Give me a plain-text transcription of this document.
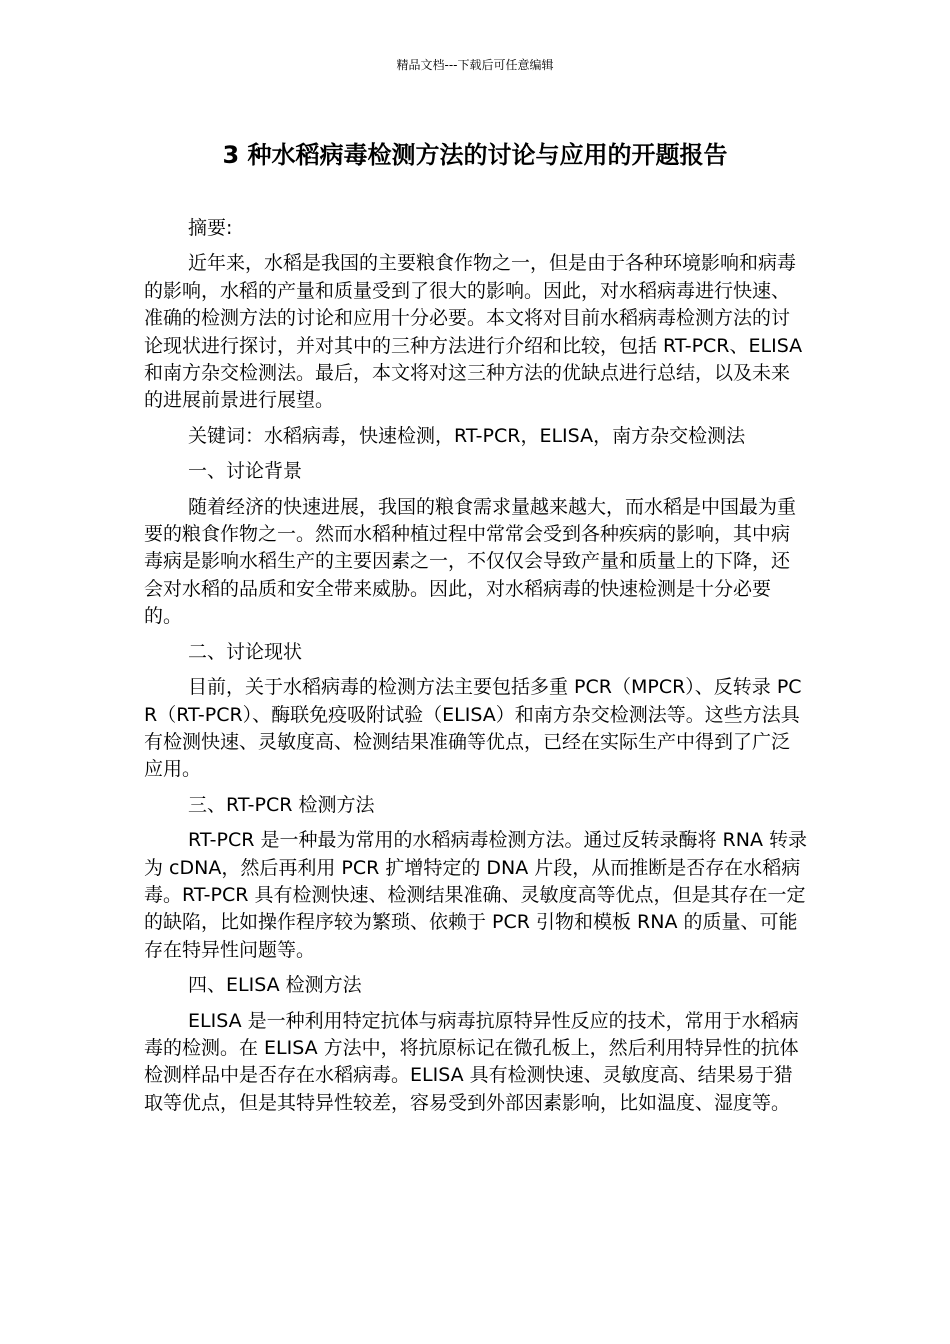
精品文档---下载后可任意编辑
3 种水稻病毒检测方法的讨论与应用的开题报告

摘要:

近年来，水稻是我国的主要粮食作物之一，但是由于各种环境影响和病毒的影响，水稻的产量和质量受到了很大的影响。因此，对水稻病毒进行快速、准确的检测方法的讨论和应用十分必要。本文将对目前水稻病毒检测方法的讨论现状进行探讨，并对其中的三种方法进行介绍和比较，包括 RT-PCR、ELISA 和南方杂交检测法。最后，本文将对这三种方法的优缺点进行总结，以及未来的进展前景进行展望。

关键词：水稻病毒，快速检测，RT-PCR，ELISA，南方杂交检测法

一、讨论背景

随着经济的快速进展，我国的粮食需求量越来越大，而水稻是中国最为重要的粮食作物之一。然而水稻种植过程中常常会受到各种疾病的影响，其中病毒病是影响水稻生产的主要因素之一，不仅仅会导致产量和质量上的下降，还会对水稻的品质和安全带来威胁。因此，对水稻病毒的快速检测是十分必要的。

二、讨论现状

目前，关于水稻病毒的检测方法主要包括多重 PCR（MPCR）、反转录 PCR（RT-PCR）、酶联免疫吸附试验（ELISA）和南方杂交检测法等。这些方法具有检测快速、灵敏度高、检测结果准确等优点，已经在实际生产中得到了广泛应用。

三、RT-PCR 检测方法

RT-PCR 是一种最为常用的水稻病毒检测方法。通过反转录酶将 RNA 转录为 cDNA，然后再利用 PCR 扩增特定的 DNA 片段，从而推断是否存在水稻病毒。RT-PCR 具有检测快速、检测结果准确、灵敏度高等优点，但是其存在一定的缺陷，比如操作程序较为繁琐、依赖于 PCR 引物和模板 RNA 的质量、可能存在特异性问题等。

四、ELISA 检测方法

ELISA 是一种利用特定抗体与病毒抗原特异性反应的技术，常用于水稻病毒的检测。在 ELISA 方法中，将抗原标记在微孔板上，然后利用特异性的抗体检测样品中是否存在水稻病毒。ELISA 具有检测快速、灵敏度高、结果易于猎取等优点，但是其特异性较差，容易受到外部因素影响，比如温度、湿度等。
